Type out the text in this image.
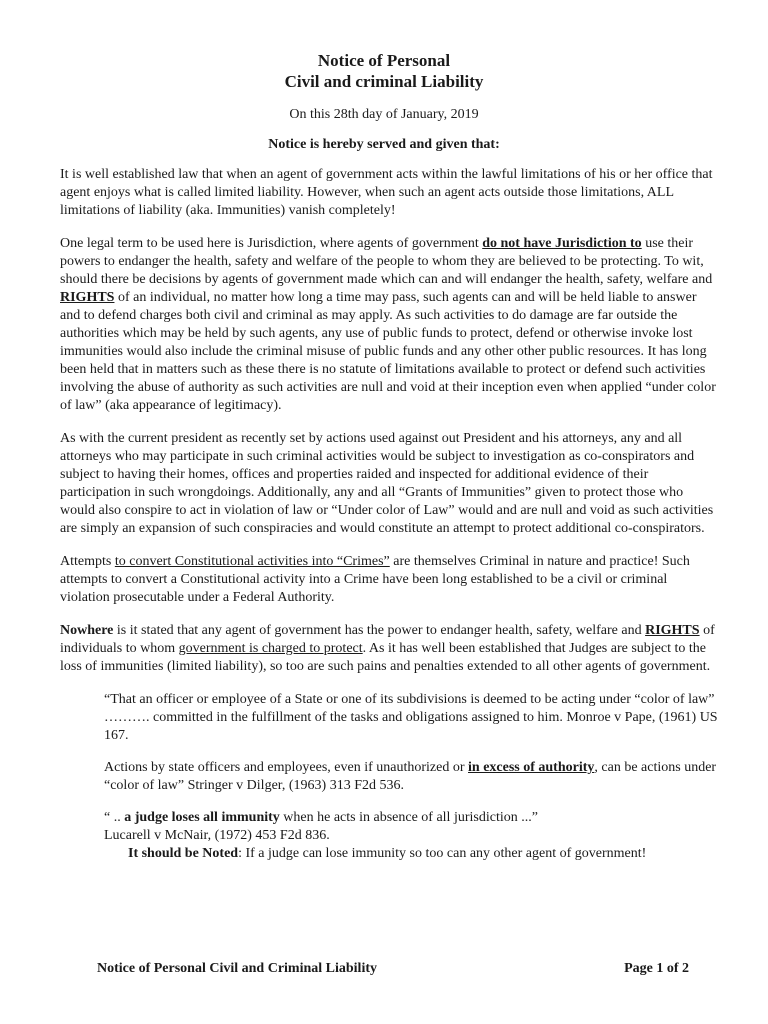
Notice of Personal
Civil and criminal Liability
On this 28th day of January, 2019
Notice is hereby served and given that:

It is well established law that when an agent of government acts within the lawful limitations of his or her office that agent enjoys what is called limited liability. However, when such an agent acts outside those limitations, ALL limitations of liability (aka. Immunities) vanish completely!

One legal term to be used here is Jurisdiction, where agents of government do not have Jurisdiction to use their powers to endanger the health, safety and welfare of the people to whom they are believed to be protecting. To wit, should there be decisions by agents of government made which can and will endanger the health, safety, welfare and RIGHTS of an individual, no matter how long a time may pass, such agents can and will be held liable to answer and to defend charges both civil and criminal as may apply. As such activities to do damage are far outside the authorities which may be held by such agents, any use of public funds to protect, defend or otherwise invoke lost immunities would also include the criminal misuse of public funds and any other other public resources. It has long been held that in matters such as these there is no statute of limitations available to protect or defend such activities involving the abuse of authority as such activities are null and void at their inception even when applied “under color of law” (aka appearance of legitimacy).

As with the current president as recently set by actions used against out President and his attorneys, any and all attorneys who may participate in such criminal activities would be subject to investigation as co-conspirators and subject to having their homes, offices and properties raided and inspected for additional evidence of their participation in such wrongdoings. Additionally, any and all “Grants of Immunities” given to protect those who would also conspire to act in violation of law or “Under color of Law” would and are null and void as such activities are simply an expansion of such conspiracies and would constitute an attempt to protect additional co-conspirators.

Attempts to convert Constitutional activities into “Crimes” are themselves Criminal in nature and practice! Such attempts to convert a Constitutional activity into a Crime have been long established to be a civil or criminal violation prosecutable under a Federal Authority.

Nowhere is it stated that any agent of government has the power to endanger health, safety, welfare and RIGHTS of individuals to whom government is charged to protect. As it has well been established that Judges are subject to the loss of immunities (limited liability), so too are such pains and penalties extended to all other agents of government.

“That an officer or employee of a State or one of its subdivisions is deemed to be acting under “color of law” ………. committed in the fulfillment of the tasks and obligations assigned to him. Monroe v Pape, (1961) US 167.

Actions by state officers and employees, even if unauthorized or in excess of authority, can be actions under “color of law” Stringer v Dilger, (1963) 313 F2d 536.

“ .. a judge loses all immunity when he acts in absence of all jurisdiction ...”
Lucarell v McNair, (1972) 453 F2d 836.

It should be Noted: If a judge can lose immunity so too can any other agent of government!

Notice of Personal Civil and Criminal Liability	Page 1 of 2
